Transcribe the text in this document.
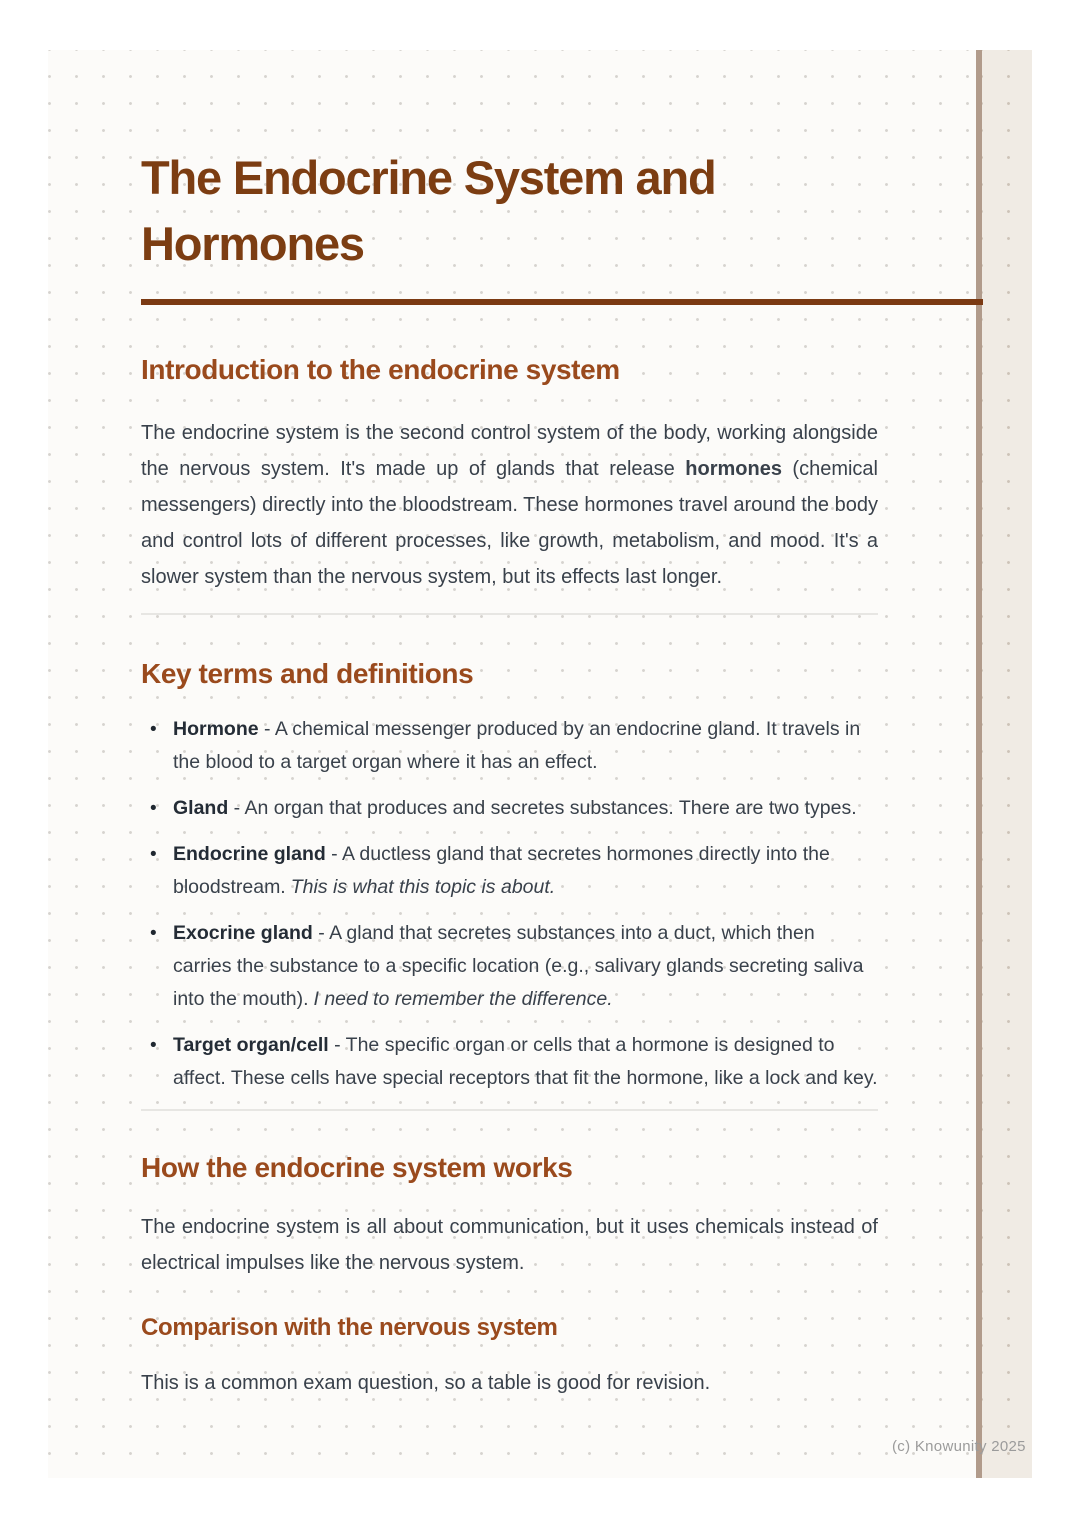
The Endocrine System and Hormones
Introduction to the endocrine system

The endocrine system is the second control system of the body, working alongside the nervous system. It's made up of glands that release hormones (chemical messengers) directly into the bloodstream. These hormones travel around the body and control lots of different processes, like growth, metabolism, and mood. It's a slower system than the nervous system, but its effects last longer.

Key terms and definitions
• Hormone - A chemical messenger produced by an endocrine gland. It travels in the blood to a target organ where it has an effect.
• Gland - An organ that produces and secretes substances. There are two types.
• Endocrine gland - A ductless gland that secretes hormones directly into the bloodstream. This is what this topic is about.
• Exocrine gland - A gland that secretes substances into a duct, which then carries the substance to a specific location (e.g., salivary glands secreting saliva into the mouth). I need to remember the difference.
• Target organ/cell - The specific organ or cells that a hormone is designed to affect. These cells have special receptors that fit the hormone, like a lock and key.
How the endocrine system works

The endocrine system is all about communication, but it uses chemicals instead of electrical impulses like the nervous system.

Comparison with the nervous system

This is a common exam question, so a table is good for revision.

(c) Knowunity 2025
